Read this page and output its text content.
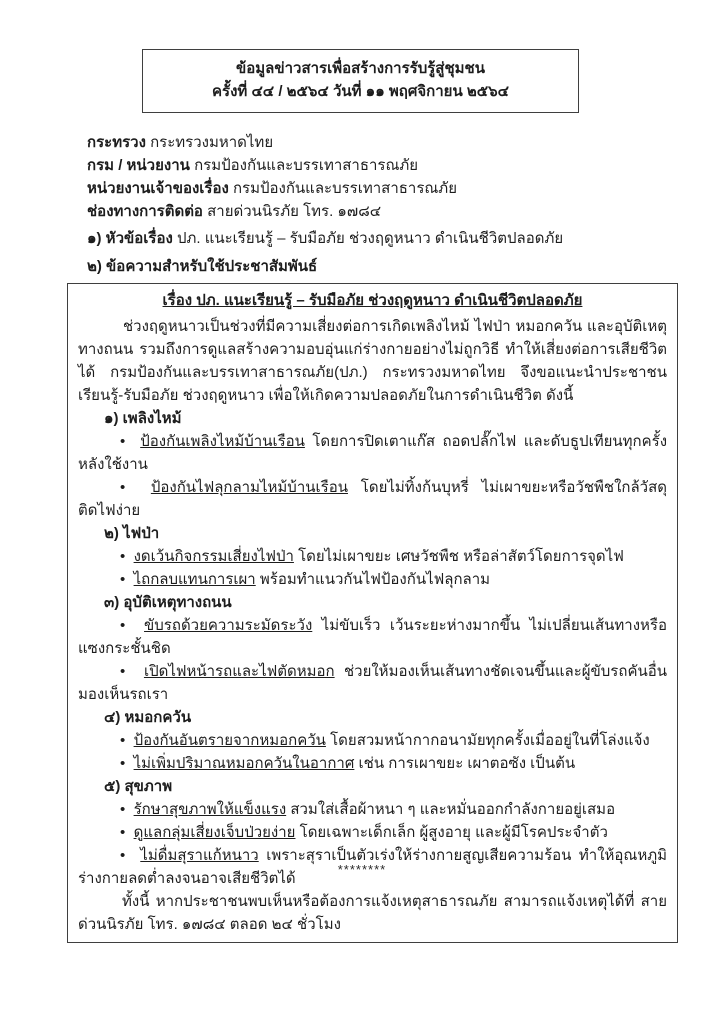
ข้อมูลข่าวสารเพื่อสร้างการรับรู้สู่ชุมชน
ครั้งที่ ๔๔ / ๒๕๖๔ วันที่ ๑๑ พฤศจิกายน ๒๕๖๔
กระทรวง กระทรวงมหาดไทย
กรม / หน่วยงาน กรมป้องกันและบรรเทาสาธารณภัย
หน่วยงานเจ้าของเรื่อง กรมป้องกันและบรรเทาสาธารณภัย
ช่องทางการติดต่อ สายด่วนนิรภัย โทร. ๑๗๘๔
๑) หัวข้อเรื่อง ปภ. แนะเรียนรู้ – รับมือภัย ช่วงฤดูหนาว ดำเนินชีวิตปลอดภัย
๒) ข้อความสำหรับใช้ประชาสัมพันธ์
เรื่อง ปภ. แนะเรียนรู้ – รับมือภัย ช่วงฤดูหนาว ดำเนินชีวิตปลอดภัย

ช่วงฤดูหนาวเป็นช่วงที่มีความเสี่ยงต่อการเกิดเพลิงไหม้ ไฟป่า หมอกควัน และอุบัติเหตุทางถนน รวมถึงการดูแลสร้างความอบอุ่นแก่ร่างกายอย่างไม่ถูกวิธี ทำให้เสี่ยงต่อการเสียชีวิตได้ กรมป้องกันและบรรเทาสาธารณภัย(ปภ.) กระทรวงมหาดไทย จึงขอแนะนำประชาชน เรียนรู้-รับมือภัย ช่วงฤดูหนาว เพื่อให้เกิดความปลอดภัยในการดำเนินชีวิต ดังนี้

๑) เพลิงไหม้
• ป้องกันเพลิงไหม้บ้านเรือน โดยการปิดเตาแก๊ส ถอดปลั๊กไฟ และดับธูปเทียนทุกครั้งหลังใช้งาน
• ป้องกันไฟลุกลามไหม้บ้านเรือน โดยไม่ทิ้งก้นบุหรี่ ไม่เผาขยะหรือวัชพืชใกล้วัสดุติดไฟง่าย
๒) ไฟป่า
• งดเว้นกิจกรรมเสี่ยงไฟป่า โดยไม่เผาขยะ เศษวัชพืช หรือล่าสัตว์โดยการจุดไฟ
• ไถกลบแทนการเผา พร้อมทำแนวกันไฟป้องกันไฟลุกลาม
๓) อุบัติเหตุทางถนน
• ขับรถด้วยความระมัดระวัง ไม่ขับเร็ว เว้นระยะห่างมากขึ้น ไม่เปลี่ยนเส้นทางหรือแซงกระชั้นชิด
• เปิดไฟหน้ารถและไฟตัดหมอก ช่วยให้มองเห็นเส้นทางชัดเจนขึ้นและผู้ขับรถคันอื่นมองเห็นรถเรา
๔) หมอกควัน
• ป้องกันอันตรายจากหมอกควัน โดยสวมหน้ากากอนามัยทุกครั้งเมื่ออยู่ในที่โล่งแจ้ง
• ไม่เพิ่มปริมาณหมอกควันในอากาศ เช่น การเผาขยะ เผาตอซัง เป็นต้น
๕) สุขภาพ
• รักษาสุขภาพให้แข็งแรง สวมใส่เสื้อผ้าหนา ๆ และหมั่นออกกำลังกายอยู่เสมอ
• ดูแลกลุ่มเสี่ยงเจ็บป่วยง่าย โดยเฉพาะเด็กเล็ก ผู้สูงอายุ และผู้มีโรคประจำตัว
• ไม่ดื่มสุราแก้หนาว เพราะสุราเป็นตัวเร่งให้ร่างกายสูญเสียความร้อน ทำให้อุณหภูมิร่างกายลดต่ำลงจนอาจเสียชีวิตได้
ทั้งนี้ หากประชาชนพบเห็นหรือต้องการแจ้งเหตุสาธารณภัย สามารถแจ้งเหตุได้ที่ สายด่วนนิรภัย โทร. ๑๗๘๔ ตลอด ๒๔ ชั่วโมง
********
